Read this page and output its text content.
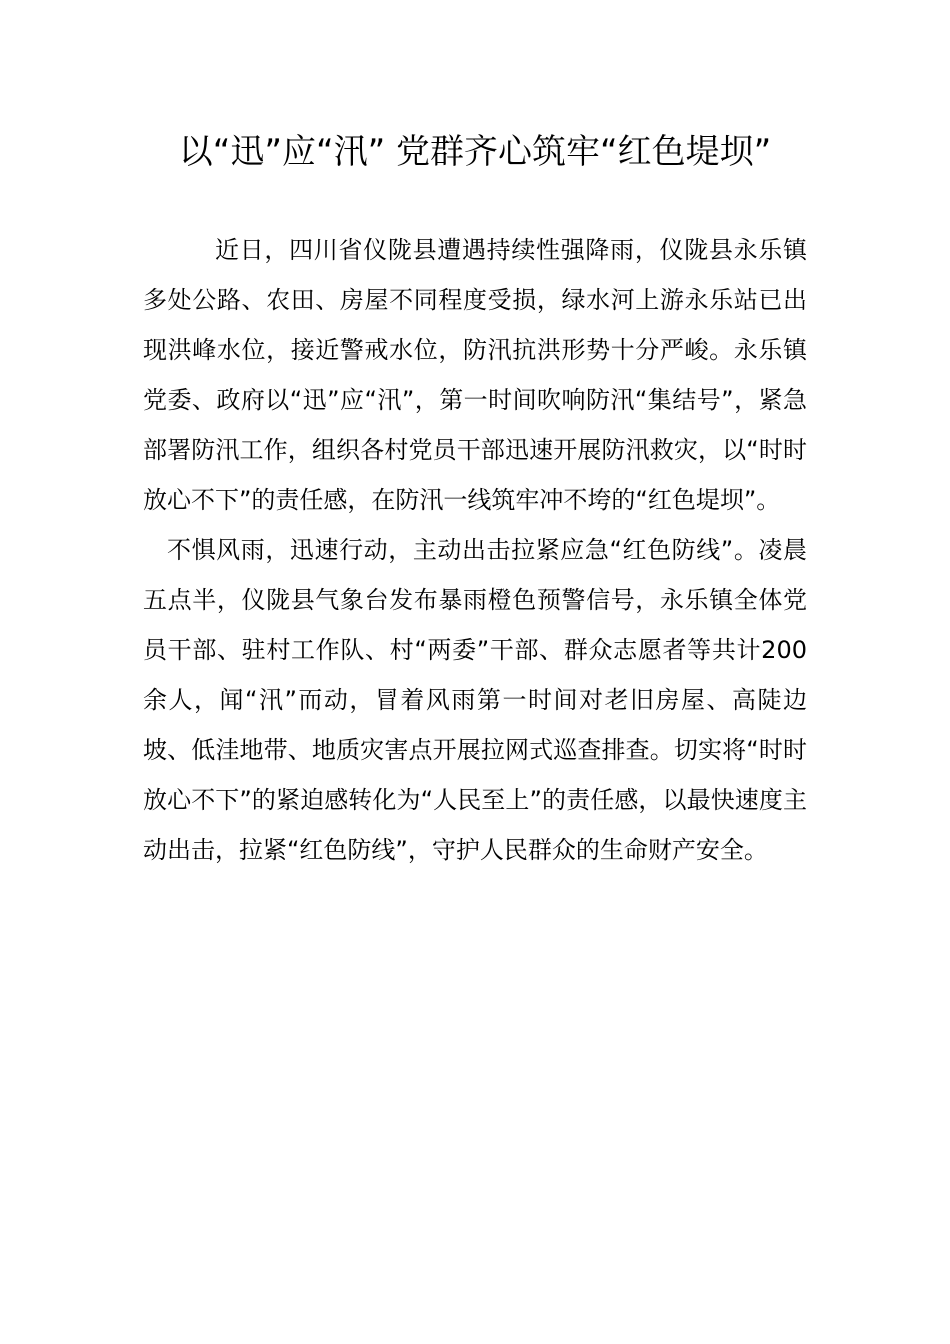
以“迅”应“汛” 党群齐心筑牢“红色堤坝”

近日，四川省仪陇县遭遇持续性强降雨，仪陇县永乐镇多处公路、农田、房屋不同程度受损，绿水河上游永乐站已出现洪峰水位，接近警戒水位，防汛抗洪形势十分严峻。永乐镇党委、政府以“迅”应“汛”，第一时间吹响防汛“集结号”，紧急部署防汛工作，组织各村党员干部迅速开展防汛救灾，以“时时放心不下”的责任感，在防汛一线筑牢冲不垮的“红色堤坝”。

不惧风雨，迅速行动，主动出击拉紧应急“红色防线”。凌晨五点半，仪陇县气象台发布暴雨橙色预警信号，永乐镇全体党员干部、驻村工作队、村“两委”干部、群众志愿者等共计200余人，闻“汛”而动，冒着风雨第一时间对老旧房屋、高陡边坡、低洼地带、地质灾害点开展拉网式巡查排查。切实将“时时放心不下”的紧迫感转化为“人民至上”的责任感，以最快速度主动出击，拉紧“红色防线”，守护人民群众的生命财产安全。
